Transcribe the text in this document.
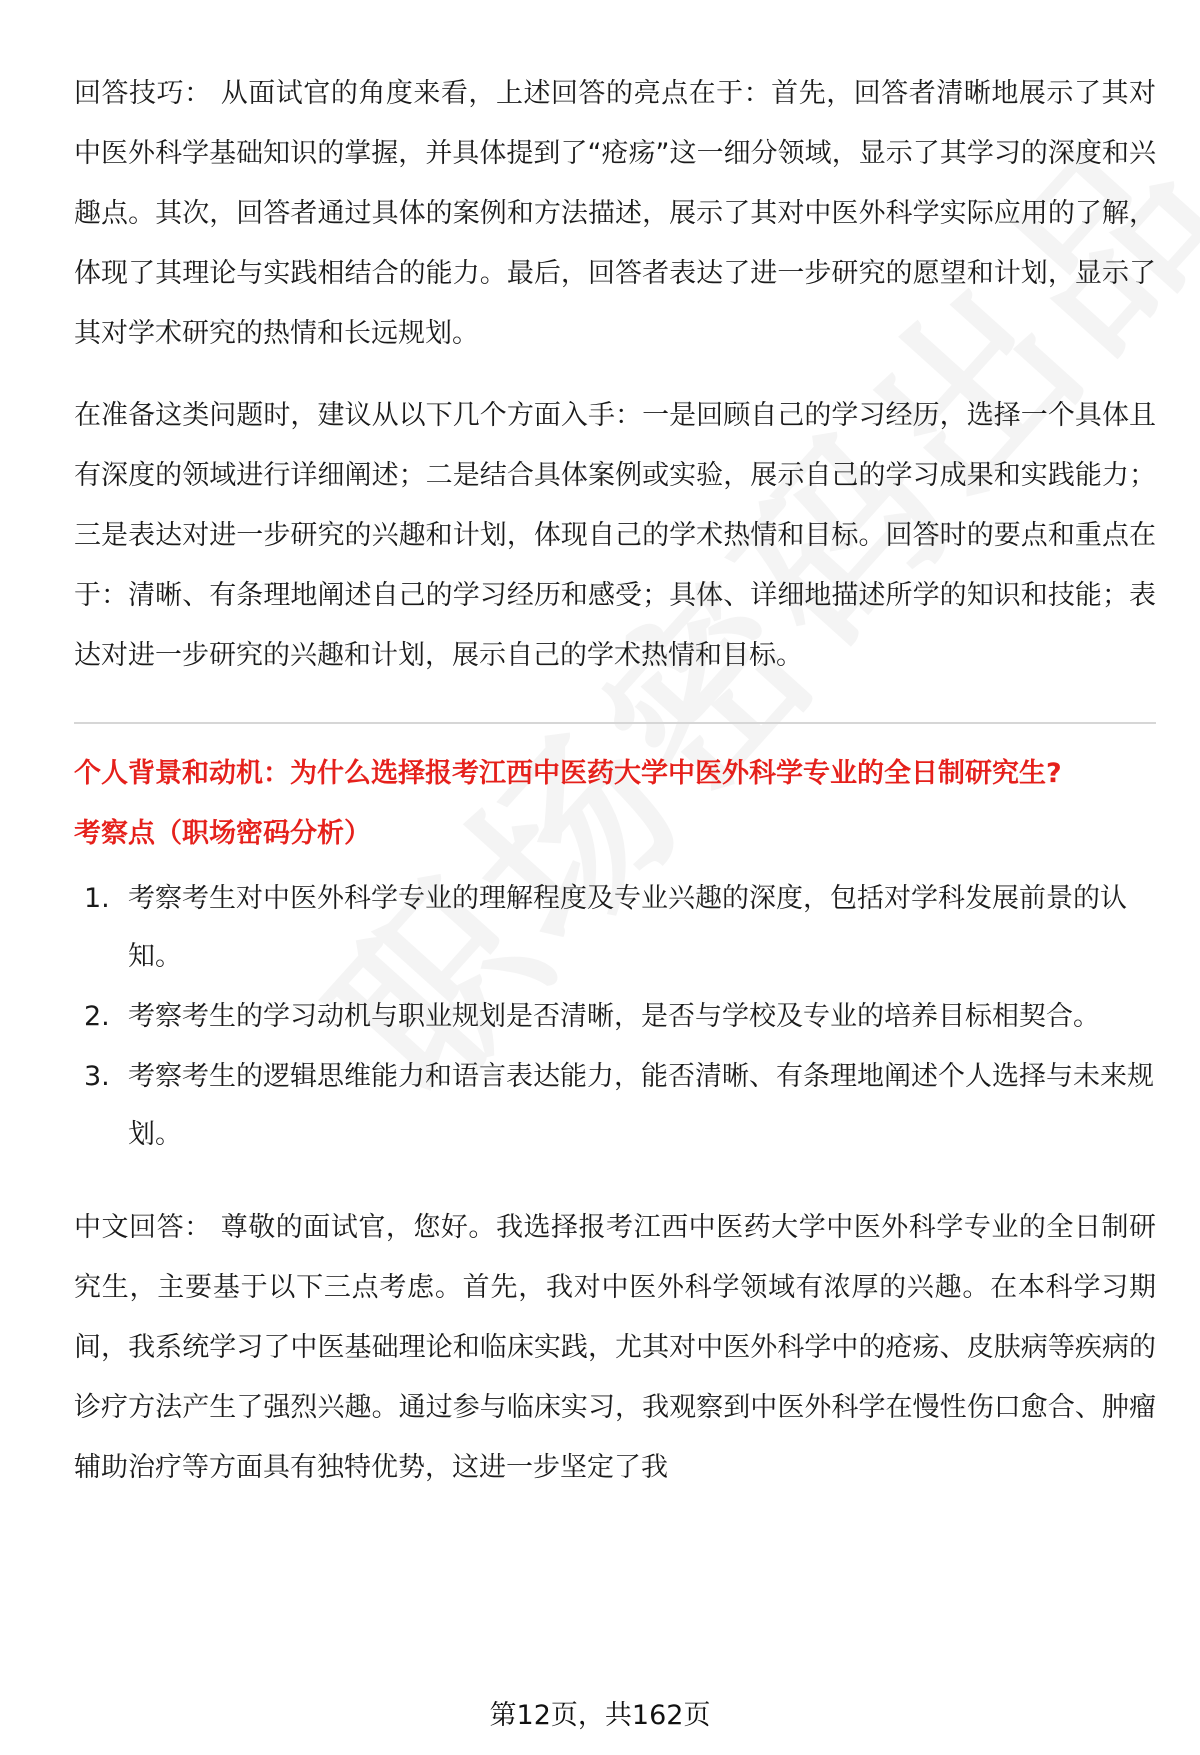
回答技巧： 从面试官的角度来看，上述回答的亮点在于：首先，回答者清晰地展示了其对中医外科学基础知识的掌握，并具体提到了“疮疡”这一细分领域，显示了其学习的深度和兴趣点。其次，回答者通过具体的案例和方法描述，展示了其对中医外科学实际应用的了解，体现了其理论与实践相结合的能力。最后，回答者表达了进一步研究的愿望和计划，显示了其对学术研究的热情和长远规划。

在准备这类问题时，建议从以下几个方面入手：一是回顾自己的学习经历，选择一个具体且有深度的领域进行详细阐述；二是结合具体案例或实验，展示自己的学习成果和实践能力；三是表达对进一步研究的兴趣和计划，体现自己的学术热情和目标。回答时的要点和重点在于：清晰、有条理地阐述自己的学习经历和感受；具体、详细地描述所学的知识和技能；表达对进一步研究的兴趣和计划，展示自己的学术热情和目标。

个人背景和动机：为什么选择报考江西中医药大学中医外科学专业的全日制研究生?
考察点（职场密码分析）
1. 考察考生对中医外科学专业的理解程度及专业兴趣的深度，包括对学科发展前景的认知。
2. 考察考生的学习动机与职业规划是否清晰，是否与学校及专业的培养目标相契合。
3. 考察考生的逻辑思维能力和语言表达能力，能否清晰、有条理地阐述个人选择与未来规划。

中文回答： 尊敬的面试官，您好。我选择报考江西中医药大学中医外科学专业的全日制研究生，主要基于以下三点考虑。首先，我对中医外科学领域有浓厚的兴趣。在本科学习期间，我系统学习了中医基础理论和临床实践，尤其对中医外科学中的疮疡、皮肤病等疾病的诊疗方法产生了强烈兴趣。通过参与临床实习，我观察到中医外科学在慢性伤口愈合、肿瘤辅助治疗等方面具有独特优势，这进一步坚定了我

第12页，共162页
